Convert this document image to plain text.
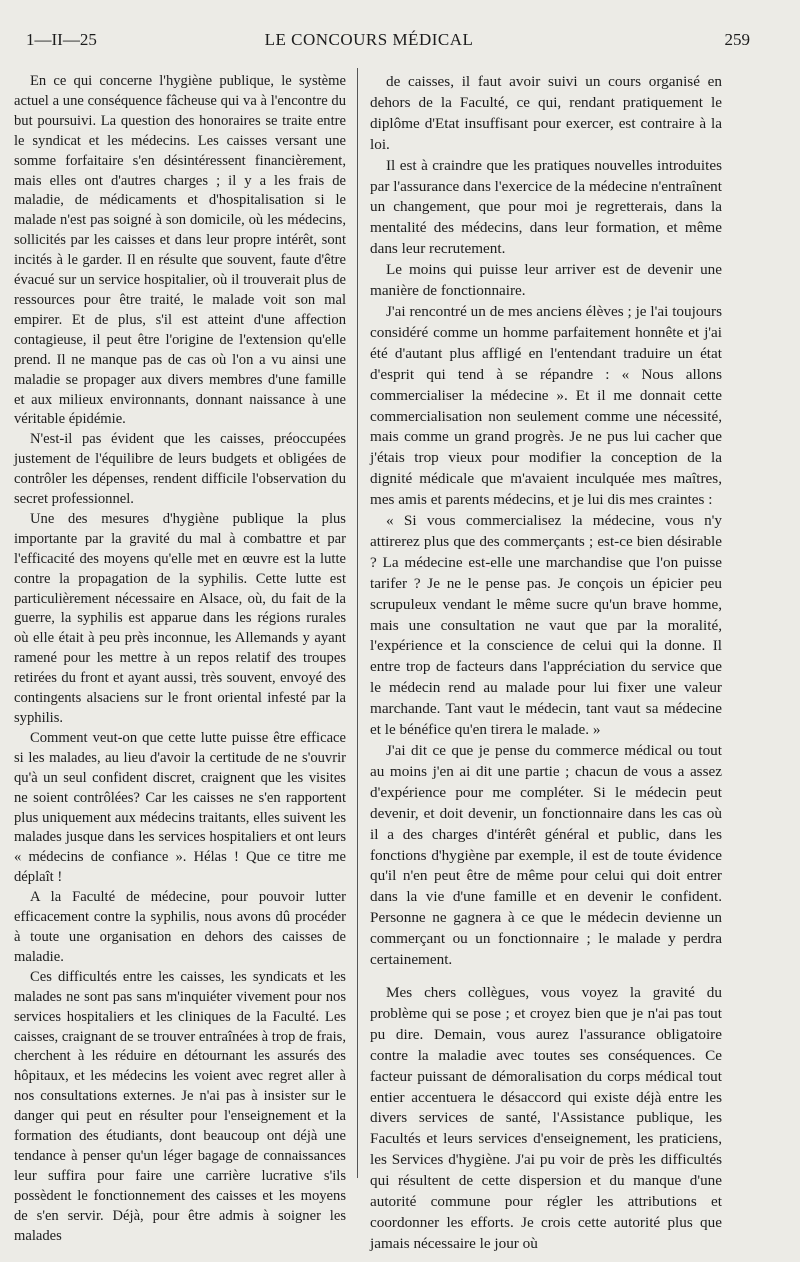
1—II—25	LE CONCOURS MÉDICAL	259

En ce qui concerne l'hygiène publique, le système actuel a une conséquence fâcheuse qui va à l'encontre du but poursuivi. La question des honoraires se traite entre le syndicat et les médecins. Les caisses versant une somme forfaitaire s'en désintéressent financièrement, mais elles ont d'autres charges ; il y a les frais de maladie, de médicaments et d'hospitalisation si le malade n'est pas soigné à son domicile, où les médecins, sollicités par les caisses et dans leur propre intérêt, sont incités à le garder. Il en résulte que souvent, faute d'être évacué sur un service hospitalier, où il trouverait plus de ressources pour être traité, le malade voit son mal empirer. Et de plus, s'il est atteint d'une affection contagieuse, il peut être l'origine de l'extension qu'elle prend. Il ne manque pas de cas où l'on a vu ainsi une maladie se propager aux divers membres d'une famille et aux milieux environnants, donnant naissance à une véritable épidémie.

N'est-il pas évident que les caisses, préoccupées justement de l'équilibre de leurs budgets et obligées de contrôler les dépenses, rendent difficile l'observation du secret professionnel.

Une des mesures d'hygiène publique la plus importante par la gravité du mal à combattre et par l'efficacité des moyens qu'elle met en œuvre est la lutte contre la propagation de la syphilis. Cette lutte est particulièrement nécessaire en Alsace, où, du fait de la guerre, la syphilis est apparue dans les régions rurales où elle était à peu près inconnue, les Allemands y ayant ramené pour les mettre à un repos relatif des troupes retirées du front et ayant aussi, très souvent, envoyé des contingents alsaciens sur le front oriental infesté par la syphilis.

Comment veut-on que cette lutte puisse être efficace si les malades, au lieu d'avoir la certitude de ne s'ouvrir qu'à un seul confident discret, craignent que les visites ne soient contrôlées? Car les caisses ne s'en rapportent plus uniquement aux médecins traitants, elles suivent les malades jusque dans les services hospitaliers et ont leurs « médecins de confiance ». Hélas ! Que ce titre me déplaît !

A la Faculté de médecine, pour pouvoir lutter efficacement contre la syphilis, nous avons dû procéder à toute une organisation en dehors des caisses de maladie.

Ces difficultés entre les caisses, les syndicats et les malades ne sont pas sans m'inquiéter vivement pour nos services hospitaliers et les cliniques de la Faculté. Les caisses, craignant de se trouver entraînées à trop de frais, cherchent à les réduire en détournant les assurés des hôpitaux, et les médecins les voient avec regret aller à nos consultations externes. Je n'ai pas à insister sur le danger qui peut en résulter pour l'enseignement et la formation des étudiants, dont beaucoup ont déjà une tendance à penser qu'un léger bagage de connaissances leur suffira pour faire une carrière lucrative s'ils possèdent le fonctionnement des caisses et les moyens de s'en servir. Déjà, pour être admis à soigner les malades

de caisses, il faut avoir suivi un cours organisé en dehors de la Faculté, ce qui, rendant pratiquement le diplôme d'Etat insuffisant pour exercer, est contraire à la loi.

Il est à craindre que les pratiques nouvelles introduites par l'assurance dans l'exercice de la médecine n'entraînent un changement, que pour moi je regretterais, dans la mentalité des médecins, dans leur formation, et même dans leur recrutement.

Le moins qui puisse leur arriver est de devenir une manière de fonctionnaire.

J'ai rencontré un de mes anciens élèves ; je l'ai toujours considéré comme un homme parfaitement honnête et j'ai été d'autant plus affligé en l'entendant traduire un état d'esprit qui tend à se répandre : « Nous allons commercialiser la médecine ». Et il me donnait cette commercialisation non seulement comme une nécessité, mais comme un grand progrès. Je ne pus lui cacher que j'étais trop vieux pour modifier la conception de la dignité médicale que m'avaient inculquée mes maîtres, mes amis et parents médecins, et je lui dis mes craintes :

« Si vous commercialisez la médecine, vous n'y attirerez plus que des commerçants ; est-ce bien désirable ? La médecine est-elle une marchandise que l'on puisse tarifer ? Je ne le pense pas. Je conçois un épicier peu scrupuleux vendant le même sucre qu'un brave homme, mais une consultation ne vaut que par la moralité, l'expérience et la conscience de celui qui la donne. Il entre trop de facteurs dans l'appréciation du service que le médecin rend au malade pour lui fixer une valeur marchande. Tant vaut le médecin, tant vaut sa médecine et le bénéfice qu'en tirera le malade. »

J'ai dit ce que je pense du commerce médical ou tout au moins j'en ai dit une partie ; chacun de vous a assez d'expérience pour me compléter. Si le médecin peut devenir, et doit devenir, un fonctionnaire dans les cas où il a des charges d'intérêt général et public, dans les fonctions d'hygiène par exemple, il est de toute évidence qu'il n'en peut être de même pour celui qui doit entrer dans la vie d'une famille et en devenir le confident. Personne ne gagnera à ce que le médecin devienne un commerçant ou un fonctionnaire ; le malade y perdra certainement.

Mes chers collègues, vous voyez la gravité du problème qui se pose ; et croyez bien que je n'ai pas tout pu dire. Demain, vous aurez l'assurance obligatoire contre la maladie avec toutes ses conséquences. Ce facteur puissant de démoralisation du corps médical tout entier accentuera le désaccord qui existe déjà entre les divers services de santé, l'Assistance publique, les Facultés et leurs services d'enseignement, les praticiens, les Services d'hygiène. J'ai pu voir de près les difficultés qui résultent de cette dispersion et du manque d'une autorité commune pour régler les attributions et coordonner les efforts. Je crois cette autorité plus que jamais nécessaire le jour où
